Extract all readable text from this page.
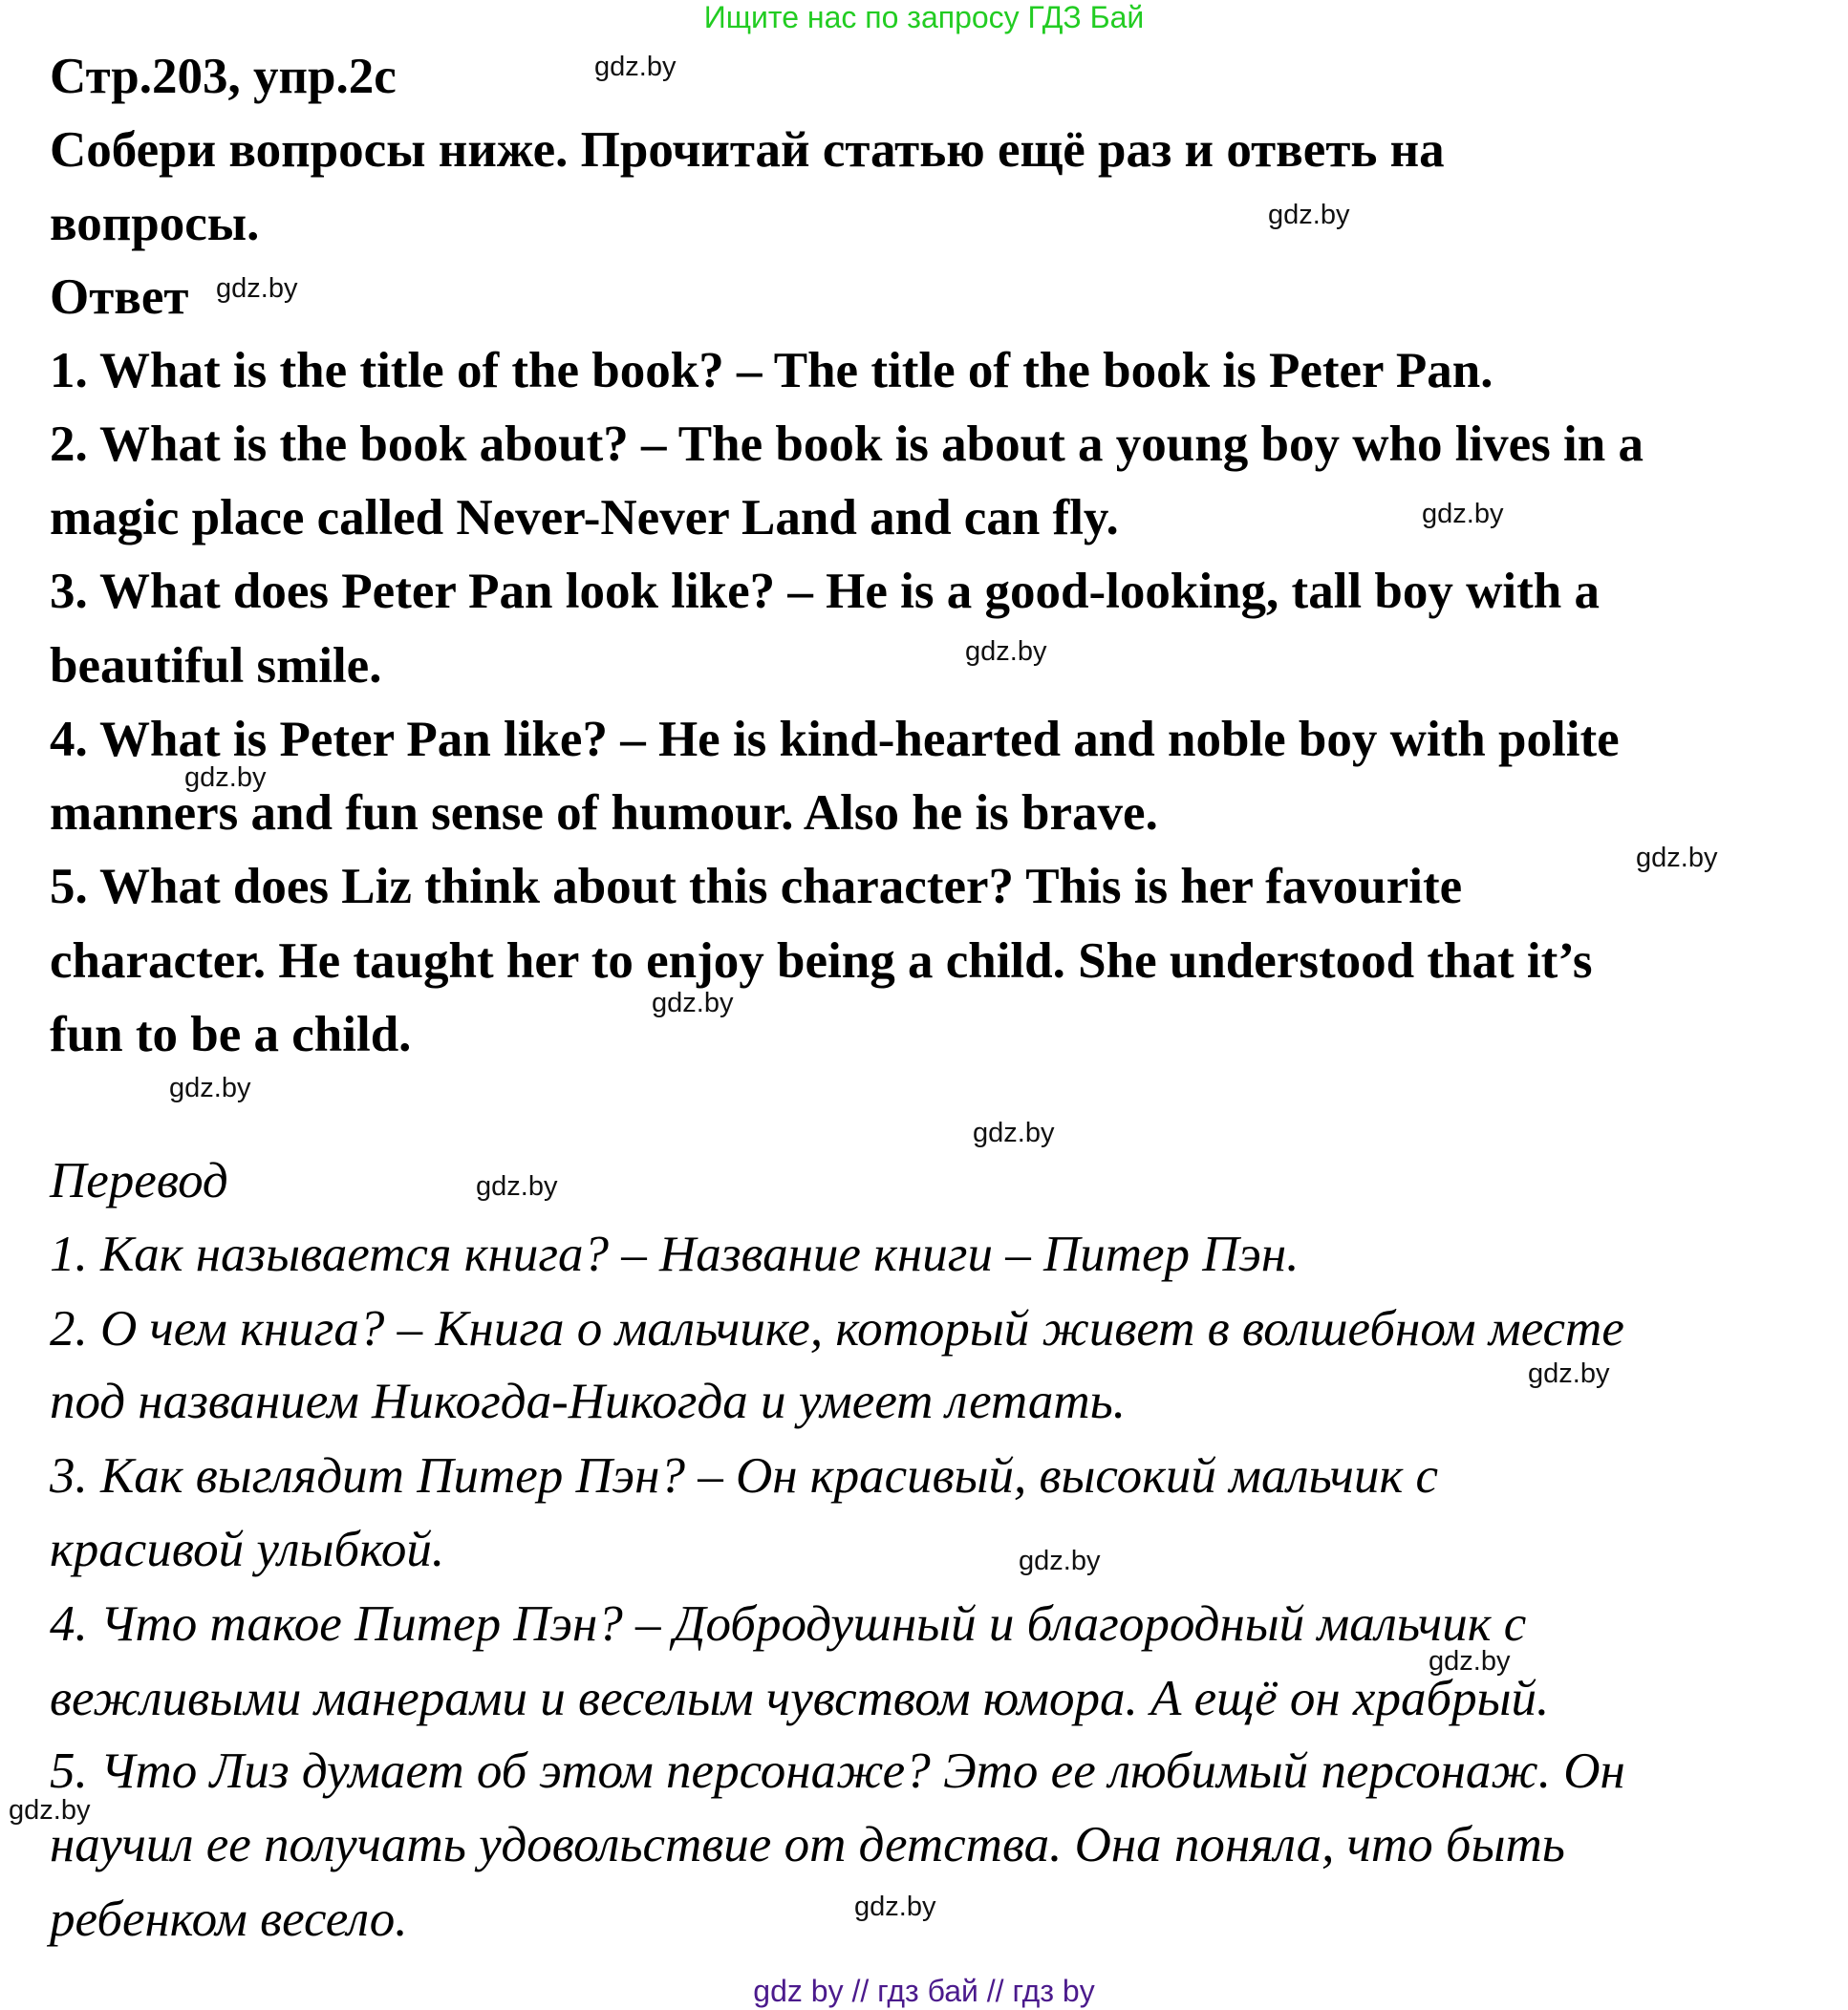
Ищите нас по запросу ГДЗ Бай
Стр.203, упр.2с
Собери вопросы ниже. Прочитай статью ещё раз и ответь на
вопросы.
Ответ
1. What is the title of the book? – The title of the book is Peter Pan.
2. What is the book about? – The book is about a young boy who lives in a
magic place called Never-Never Land and can fly.
3. What does Peter Pan look like? – He is a good-looking, tall boy with a
beautiful smile.
4. What is Peter Pan like? – He is kind-hearted and noble boy with polite
manners and fun sense of humour. Also he is brave.
5. What does Liz think about this character? This is her favourite
character. He taught her to enjoy being a child. She understood that it’s
fun to be a child.
Перевод
1. Как называется книга? – Название книги – Питер Пэн.
2. О чем книга? – Книга о мальчике, который живет в волшебном месте
под названием Никогда-Никогда и умеет летать.
3. Как выглядит Питер Пэн? – Он красивый, высокий мальчик с
красивой улыбкой.
4. Что такое Питер Пэн? – Добродушный и благородный мальчик с
вежливыми манерами и веселым чувством юмора. А ещё он храбрый.
5. Что Лиз думает об этом персонаже? Это ее любимый персонаж. Он
научил ее получать удовольствие от детства. Она поняла, что быть
ребенком весело.
gdz.by
gdz.by
gdz.by
gdz.by
gdz.by
gdz.by
gdz.by
gdz.by
gdz.by
gdz.by
gdz.by
gdz.by
gdz.by
gdz.by
gdz.by
gdz.by
gdz by // гдз бай // гдз by
